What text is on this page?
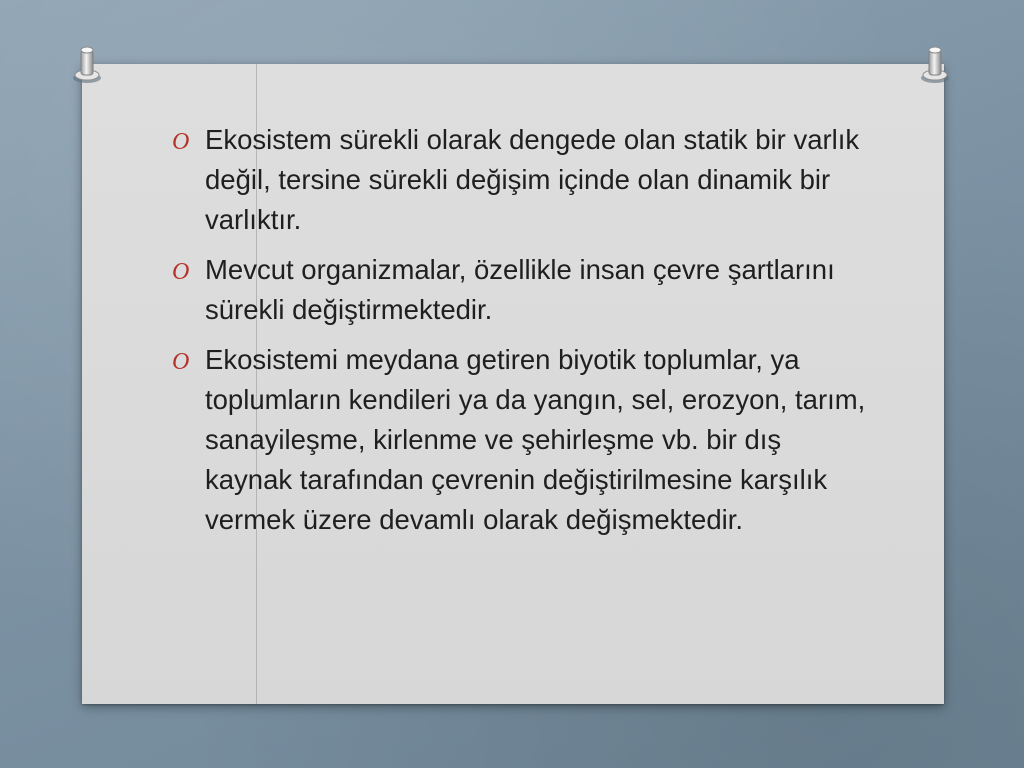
O Ekosistem sürekli olarak dengede olan statik bir varlık değil, tersine sürekli değişim içinde olan dinamik bir varlıktır.
O Mevcut organizmalar, özellikle insan çevre şartlarını sürekli değiştirmektedir.
O Ekosistemi meydana getiren biyotik toplumlar, ya toplumların kendileri ya da yangın, sel, erozyon, tarım, sanayileşme, kirlenme ve şehirleşme vb. bir dış kaynak tarafından çevrenin değiştirilmesine karşılık vermek üzere devamlı olarak değişmektedir.
